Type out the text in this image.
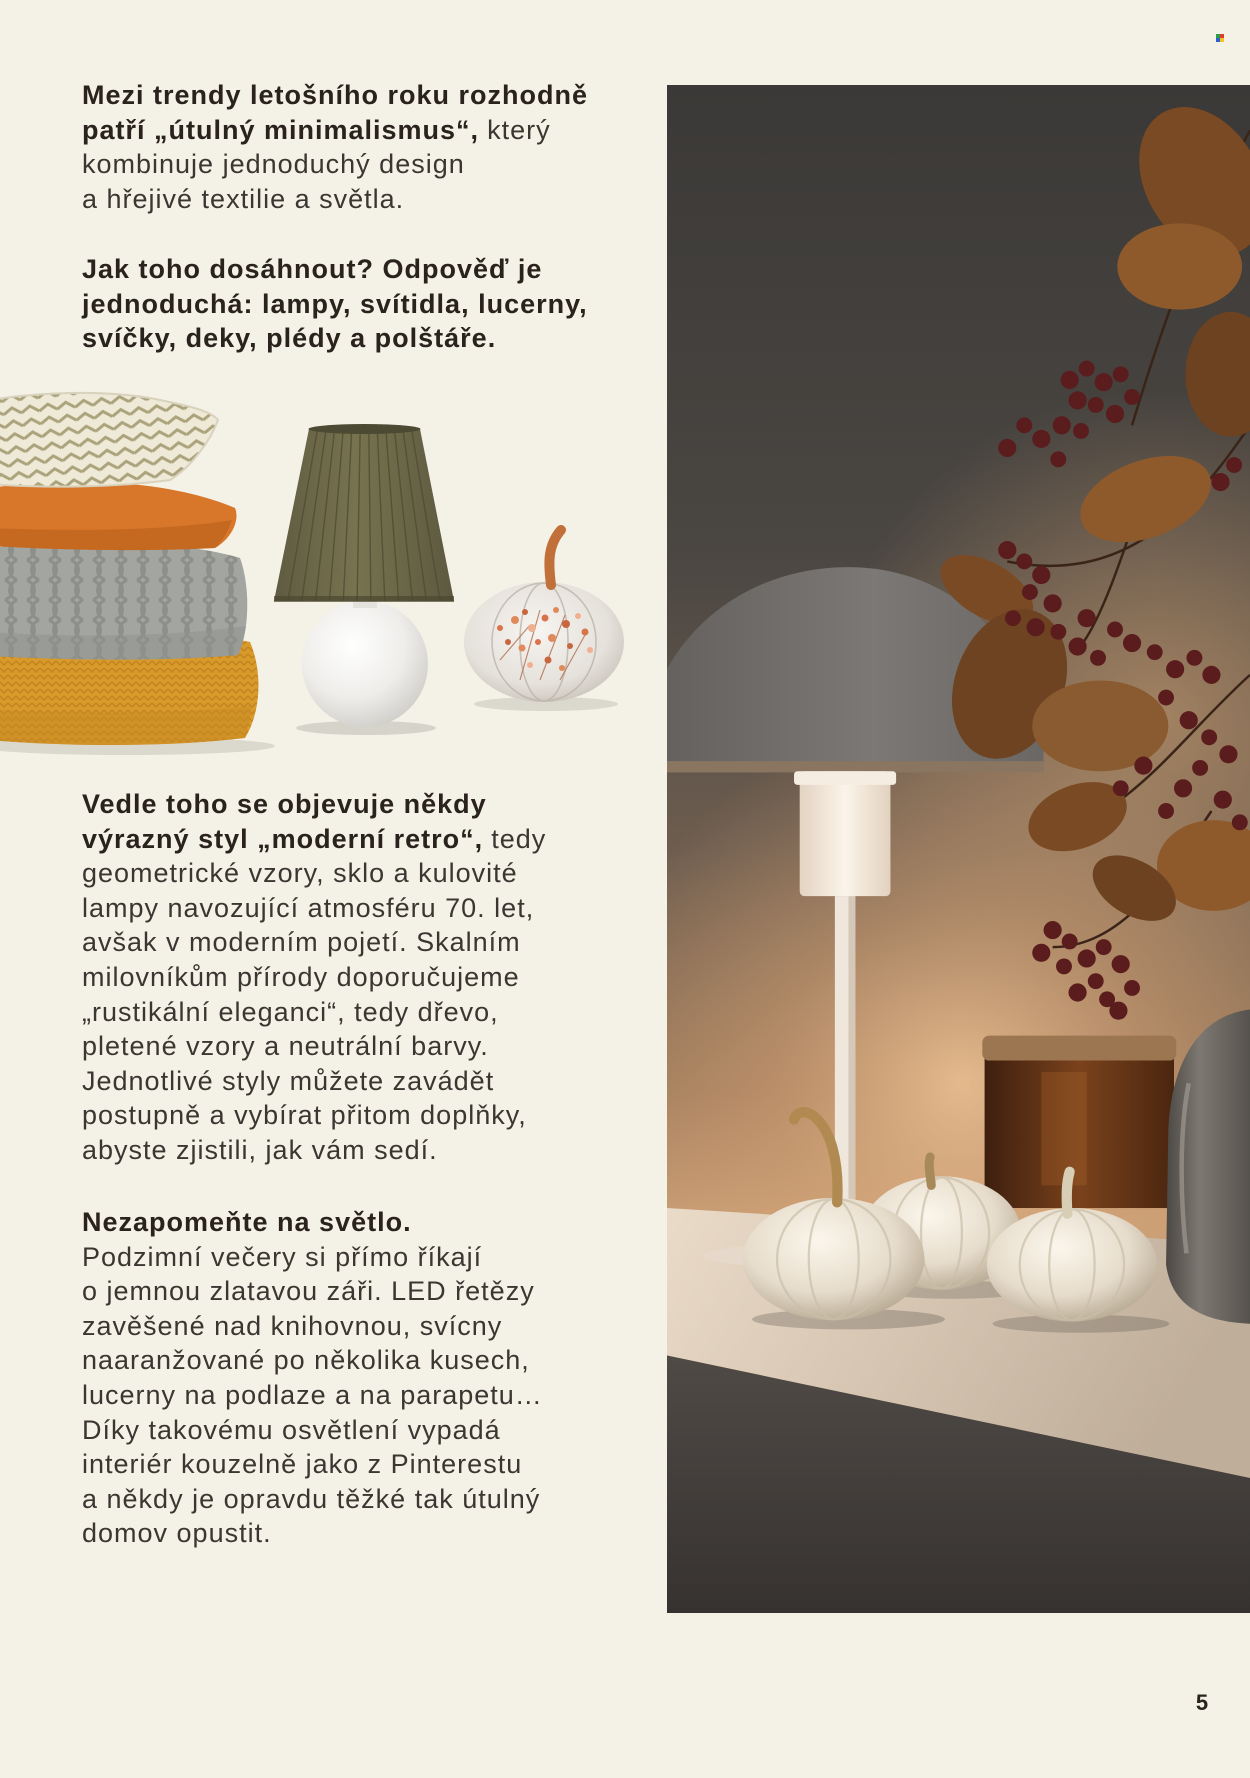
Mezi trendy letošního roku rozhodně
patří „útulný minimalismus“, který
kombinuje jednoduchý design
a hřejivé textilie a světla.
Jak toho dosáhnout? Odpověď je
jednoduchá: lampy, svítidla, lucerny,
svíčky, deky, plédy a polštáře.
Vedle toho se objevuje někdy
výrazný styl „moderní retro“, tedy
geometrické vzory, sklo a kulovité
lampy navozující atmosféru 70. let,
avšak v moderním pojetí. Skalním
milovníkům přírody doporučujeme
„rustikální eleganci“, tedy dřevo,
pletené vzory a neutrální barvy.
Jednotlivé styly můžete zavádět
postupně a vybírat přitom doplňky,
abyste zjistili, jak vám sedí.
Nezapomeňte na světlo.
Podzimní večery si přímo říkají
o jemnou zlatavou záři. LED řetězy
zavěšené nad knihovnou, svícny
naaranžované po několika kusech,
lucerny na podlaze a na parapetu…
Díky takovému osvětlení vypadá
interiér kouzelně jako z Pinterestu
a někdy je opravdu těžké tak útulný
domov opustit.
5
